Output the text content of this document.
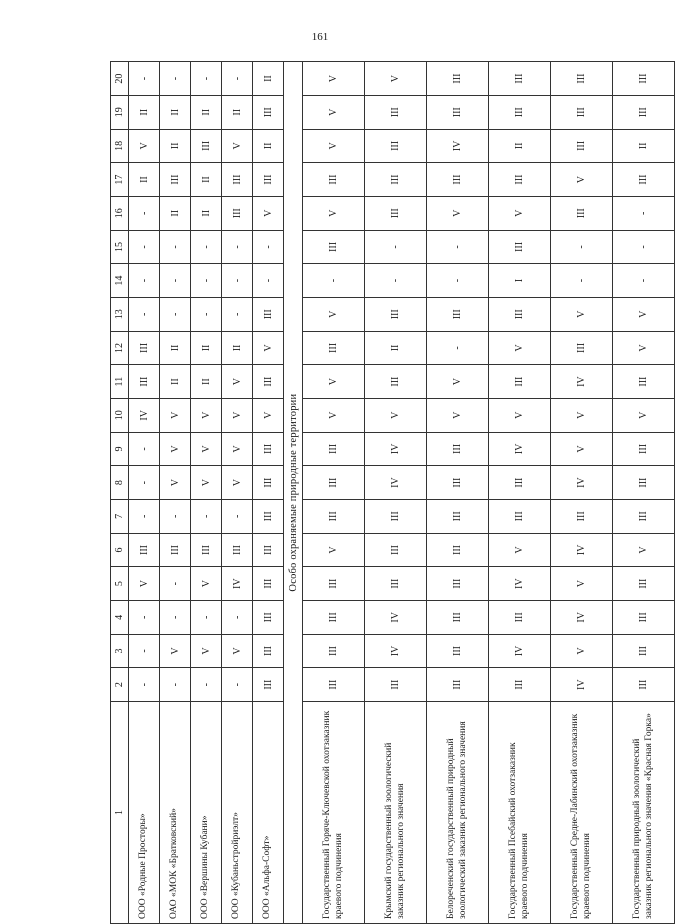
161
1	2	3	4	5	6	7	8	9	10	11	12	13	14	15	16	17	18	19	20	
ООО «Родные Просторы»	-	-	-	V	III	-	-	-	IV	III	III	-	-	-	-	II	V	II	-	
ОАО «МОК «Братковский»	-	V	-	-	III	-	V	V	V	II	II	-	-	-	II	III	II	II	-	
ООО «Вершины Кубани»	-	V	-	V	III	-	V	V	V	II	II	-	-	-	II	II	III	II	-	
ООО «Кубаньстройриэлт»	-	V	-	IV	III	-	V	V	V	V	II	-	-	-	III	III	V	II	-	
ООО «Альфа-Софт»	III	III	III	III	III	III	III	III	V	III	V	III	-	-	V	III	II	III	II	
Особо охраняемые природные территории																				
Государственный Горяче-Ключевской охотзаказник краевого подчинения	III	III	III	III	V	III	III	III	V	V	III	V	-	III	V	III	V	V	V	
Крымский государственный зоологический заказник регионального значения	III	IV	IV	III	III	III	IV	IV	V	III	II	III	-	-	III	III	III	III	V	
Белореченский государственный природный зоологический заказник регионального значения	III	III	III	III	III	III	III	III	V	V	-	III	-	-	V	III	IV	III	III	
Государственный Псебайский охотзаказник краевого подчинения	III	IV	III	IV	V	III	III	IV	V	III	V	III	I	III	V	III	II	III	III	
Государственный Средне-Лабинский охотзаказник краевого подчинения	IV	V	IV	V	IV	III	IV	V	V	IV	III	V	-	-	III	V	III	III	III	
Государственный природный зоологический заказник регионального значения «Красная Горка»	III	III	III	III	V	III	III	III	V	III	V	V	-	-	-	III	II	III	III	
